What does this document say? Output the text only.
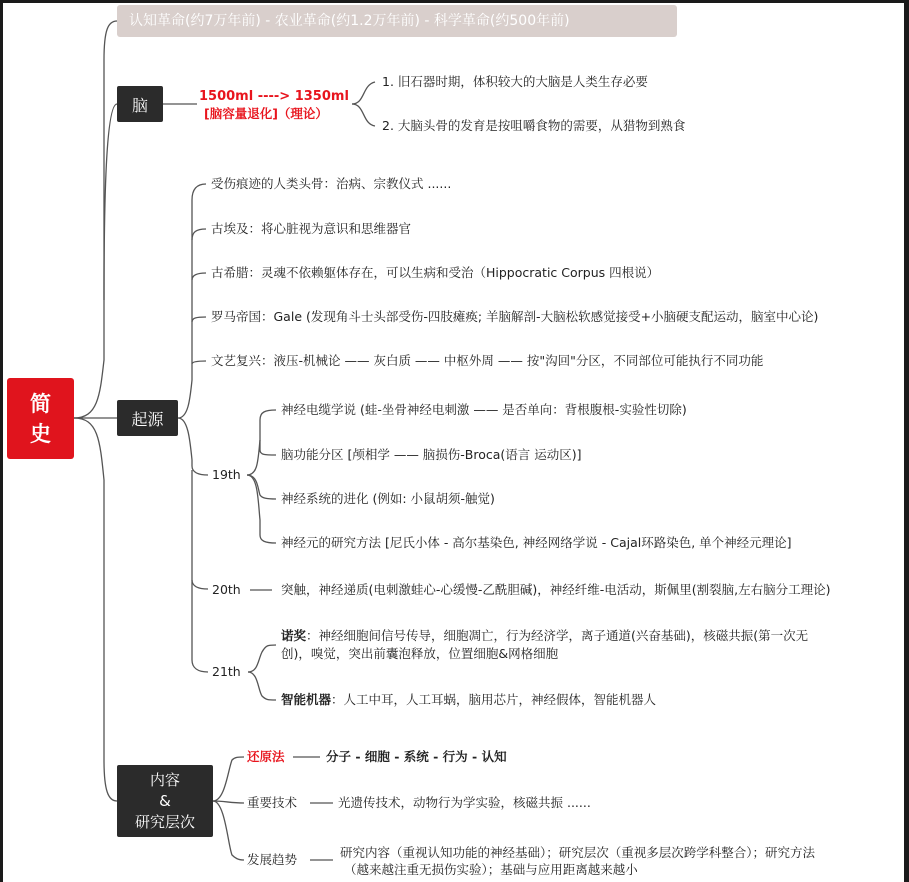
认知革命(约7万年前) - 农业革命(约1.2万年前) - 科学革命(约500年前)
简
史
脑	1500ml ----> 1350ml
[脑容量退化]（理论）
1. 旧石器时期，体积较大的大脑是人类生存必要
2. 大脑头骨的发育是按咀嚼食物的需要，从猎物到熟食
起源
受伤痕迹的人类头骨：治病、宗教仪式 ......
古埃及：将心脏视为意识和思维器官
古希腊：灵魂不依赖躯体存在，可以生病和受治（Hippocratic Corpus 四根说）
罗马帝国：Gale (发现角斗士头部受伤-四肢瘫痪; 羊脑解剖-大脑松软感觉接受+小脑硬支配运动，脑室中心论)
文艺复兴：液压-机械论 —— 灰白质 —— 中枢外周 —— 按"沟回"分区，不同部位可能执行不同功能
19th
神经电缆学说 (蛙-坐骨神经电刺激 —— 是否单向：背根腹根-实验性切除)
脑功能分区 [颅相学 —— 脑损伤-Broca(语言 运动区)]
神经系统的进化 (例如: 小鼠胡须-触觉)
神经元的研究方法 [尼氏小体 - 高尔基染色, 神经网络学说 - Cajal环路染色, 单个神经元理论]
20th	突触，神经递质(电刺激蛙心-心缓慢-乙酰胆碱)，神经纤维-电活动，斯佩里(割裂脑,左右脑分工理论)
21th
诺奖：神经细胞间信号传导，细胞凋亡，行为经济学，离子通道(兴奋基础)，核磁共振(第一次无
创)，嗅觉，突出前囊泡释放，位置细胞&网格细胞
智能机器：人工中耳，人工耳蜗，脑用芯片，神经假体，智能机器人
内容
&
研究层次
还原法	分子 - 细胞 - 系统 - 行为 - 认知
重要技术	光遗传技术，动物行为学实验，核磁共振 ......
发展趋势	研究内容（重视认知功能的神经基础）；研究层次（重视多层次跨学科整合）；研究方法
（越来越注重无损伤实验）；基础与应用距离越来越小
